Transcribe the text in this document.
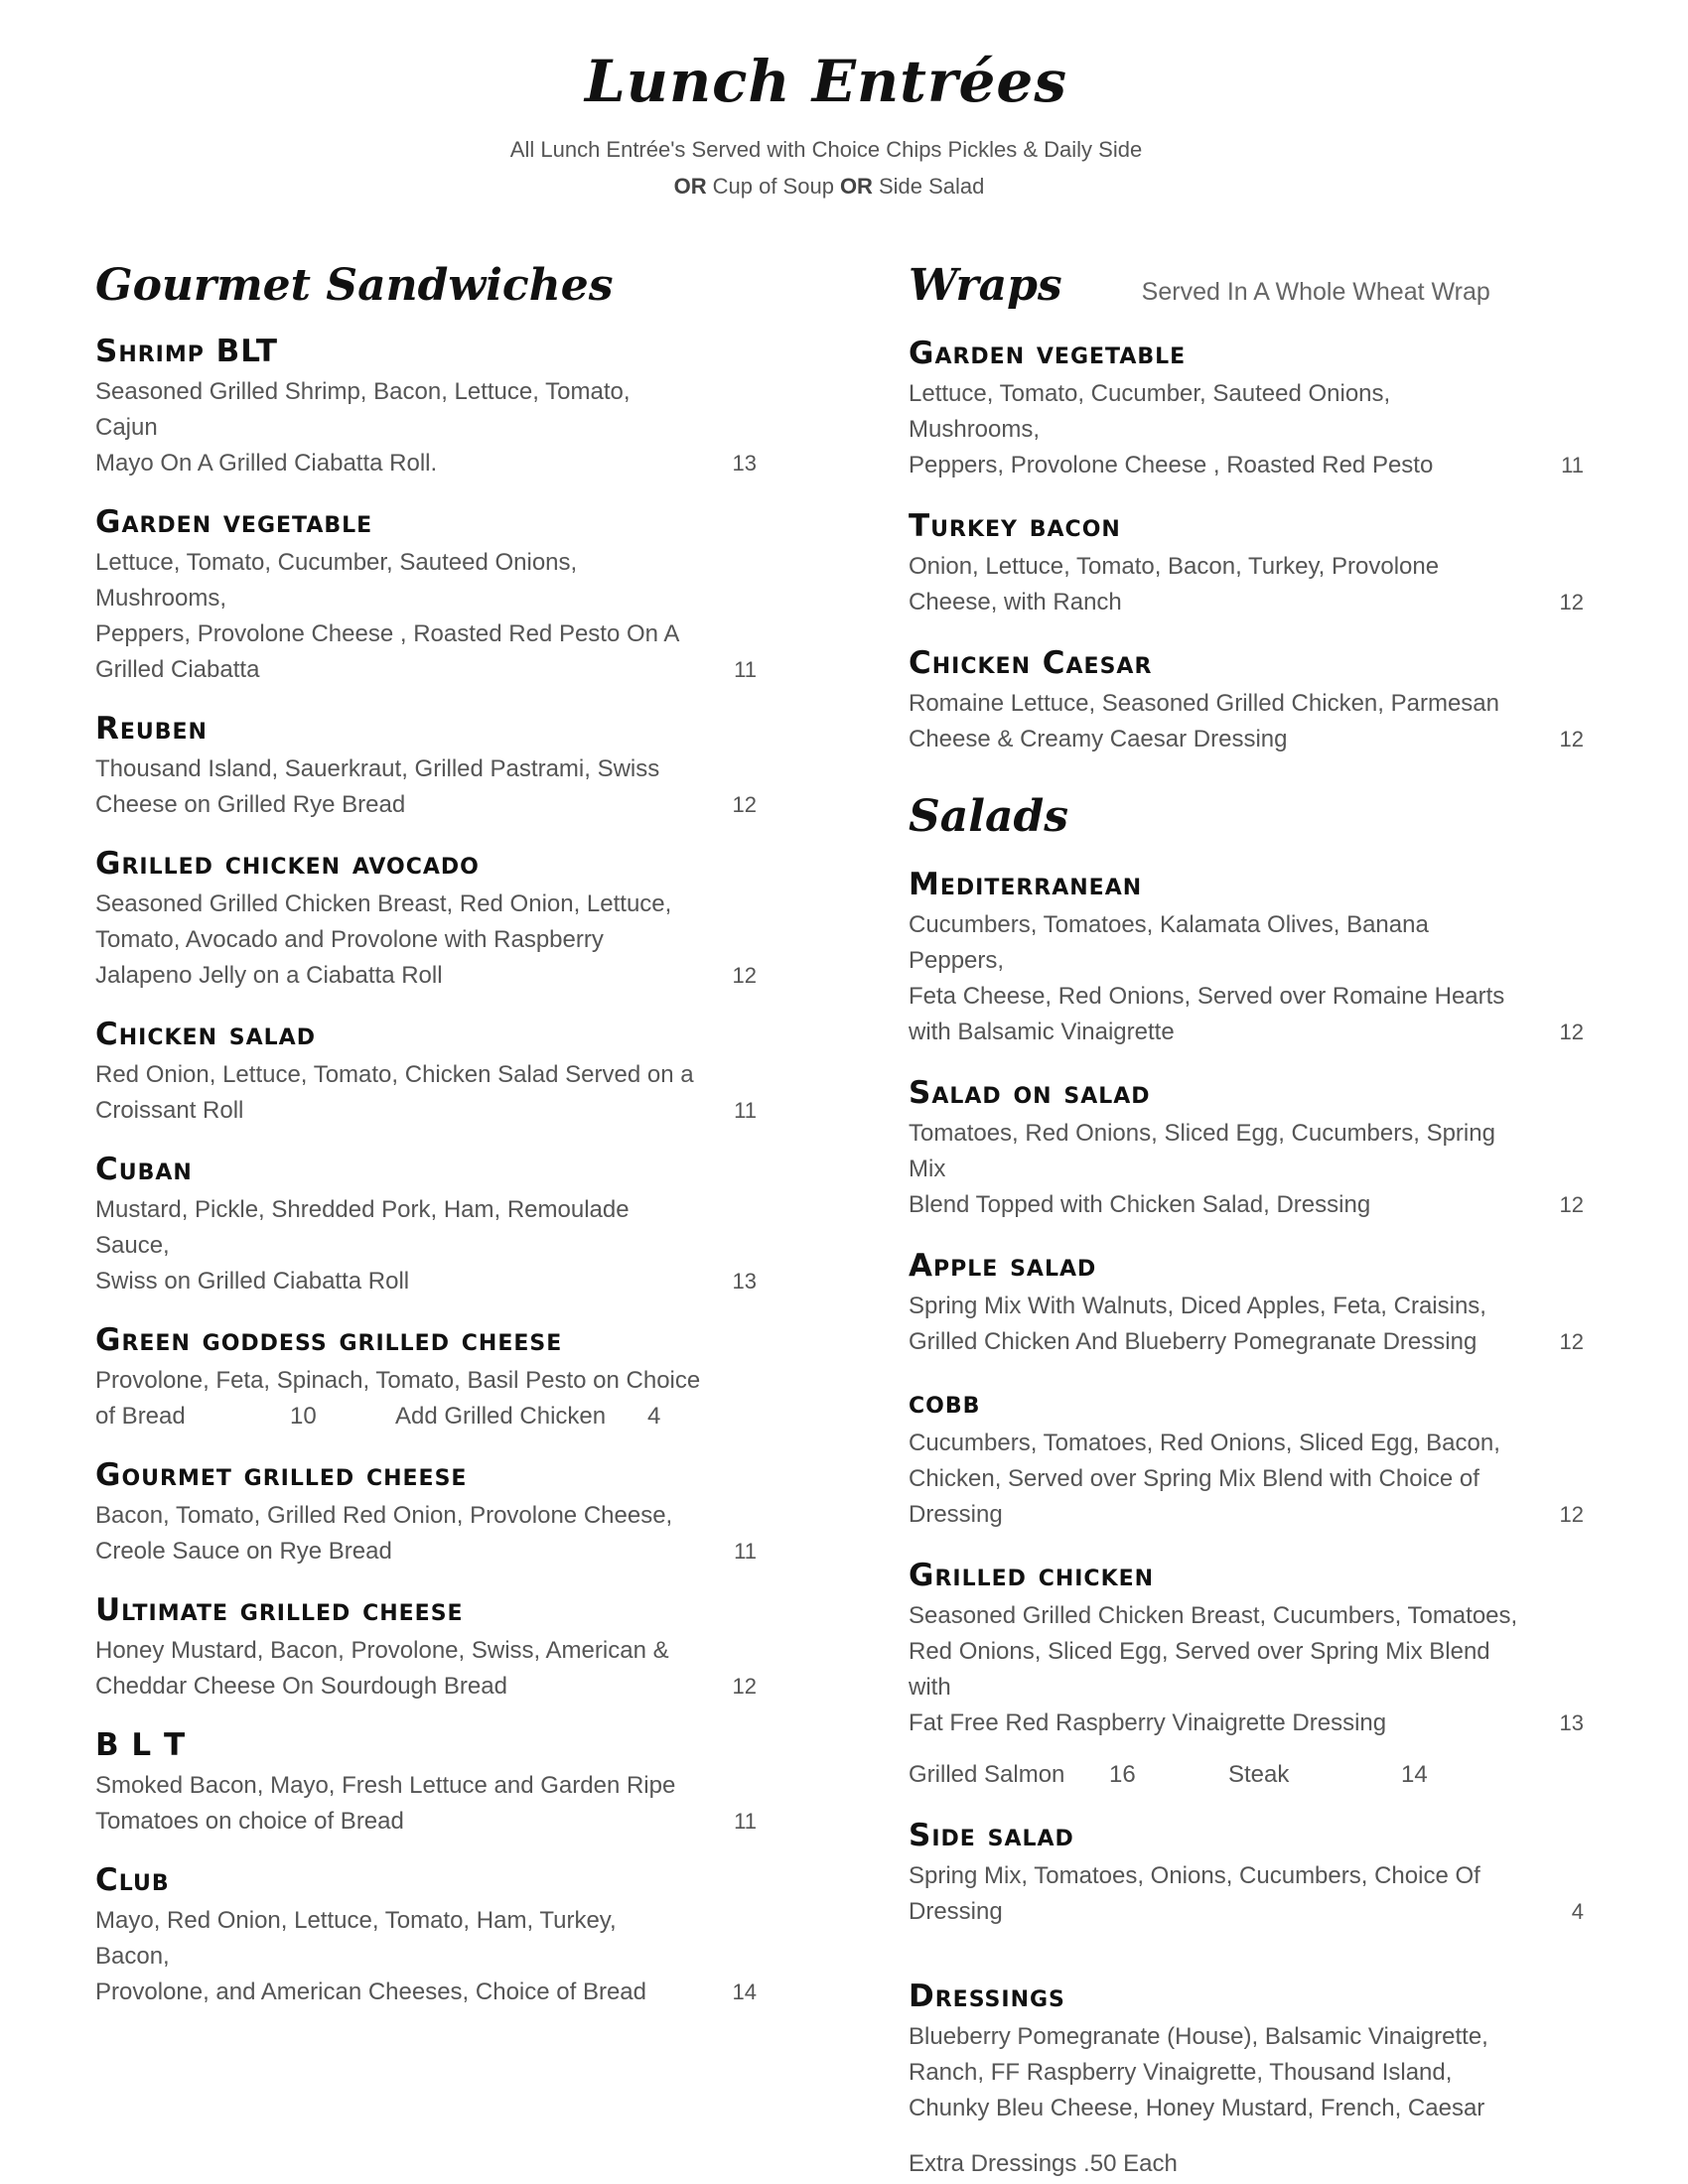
Lunch Entrées
All Lunch Entrée's Served with Choice Chips Pickles & Daily Side
OR Cup of Soup OR Side Salad
Gourmet Sandwiches
Shrimp BLT
Seasoned Grilled Shrimp, Bacon, Lettuce, Tomato, Cajun
Mayo On A Grilled Ciabatta Roll.	13
Garden vegetable
Lettuce, Tomato, Cucumber, Sauteed Onions, Mushrooms,
Peppers, Provolone Cheese , Roasted Red Pesto On A
Grilled Ciabatta	11
Reuben
Thousand Island, Sauerkraut, Grilled Pastrami, Swiss
Cheese on Grilled Rye Bread	12
Grilled chicken avocado
Seasoned Grilled Chicken Breast, Red Onion, Lettuce,
Tomato, Avocado and Provolone with Raspberry
Jalapeno Jelly on a Ciabatta Roll	12
Chicken salad
Red Onion, Lettuce, Tomato, Chicken Salad Served on a
Croissant Roll	11
Cuban
Mustard, Pickle, Shredded Pork, Ham, Remoulade Sauce,
Swiss on Grilled Ciabatta Roll	13
Green goddess grilled cheese
Provolone, Feta, Spinach, Tomato, Basil Pesto on Choice
of Bread	10	Add Grilled Chicken 4
Gourmet grilled cheese
Bacon, Tomato, Grilled Red Onion, Provolone Cheese,
Creole Sauce on Rye Bread	11
Ultimate grilled cheese
Honey Mustard, Bacon, Provolone, Swiss, American &
Cheddar Cheese On Sourdough Bread	12
B L T
Smoked Bacon, Mayo, Fresh Lettuce and Garden Ripe
Tomatoes on choice of Bread	11
Club
Mayo, Red Onion, Lettuce, Tomato, Ham, Turkey, Bacon,
Provolone, and American Cheeses, Choice of Bread	14
Wraps	Served In A Whole Wheat Wrap
Garden vegetable
Lettuce, Tomato, Cucumber, Sauteed Onions, Mushrooms,
Peppers, Provolone Cheese , Roasted Red Pesto	11
Turkey bacon
Onion, Lettuce, Tomato, Bacon, Turkey, Provolone
Cheese, with Ranch	12
Chicken Caesar
Romaine Lettuce, Seasoned Grilled Chicken, Parmesan
Cheese & Creamy Caesar Dressing	12
Salads
Mediterranean
Cucumbers, Tomatoes, Kalamata Olives, Banana Peppers,
Feta Cheese, Red Onions, Served over Romaine Hearts
with Balsamic Vinaigrette	12
Salad on salad
Tomatoes, Red Onions, Sliced Egg, Cucumbers, Spring Mix
Blend Topped with Chicken Salad, Dressing	12
Apple salad
Spring Mix With Walnuts, Diced Apples, Feta, Craisins,
Grilled Chicken And Blueberry Pomegranate Dressing	12
cobb
Cucumbers, Tomatoes, Red Onions, Sliced Egg, Bacon,
Chicken, Served over Spring Mix Blend with Choice of
Dressing	12
Grilled chicken
Seasoned Grilled Chicken Breast, Cucumbers, Tomatoes,
Red Onions, Sliced Egg, Served over Spring Mix Blend with
Fat Free Red Raspberry Vinaigrette Dressing	13
Grilled Salmon 16	Steak	14
Side salad
Spring Mix, Tomatoes, Onions, Cucumbers, Choice Of
Dressing	4
Dressings
Blueberry Pomegranate (House), Balsamic Vinaigrette,
Ranch, FF Raspberry Vinaigrette, Thousand Island,
Chunky Bleu Cheese, Honey Mustard, French, Caesar
Extra Dressings .50 Each
